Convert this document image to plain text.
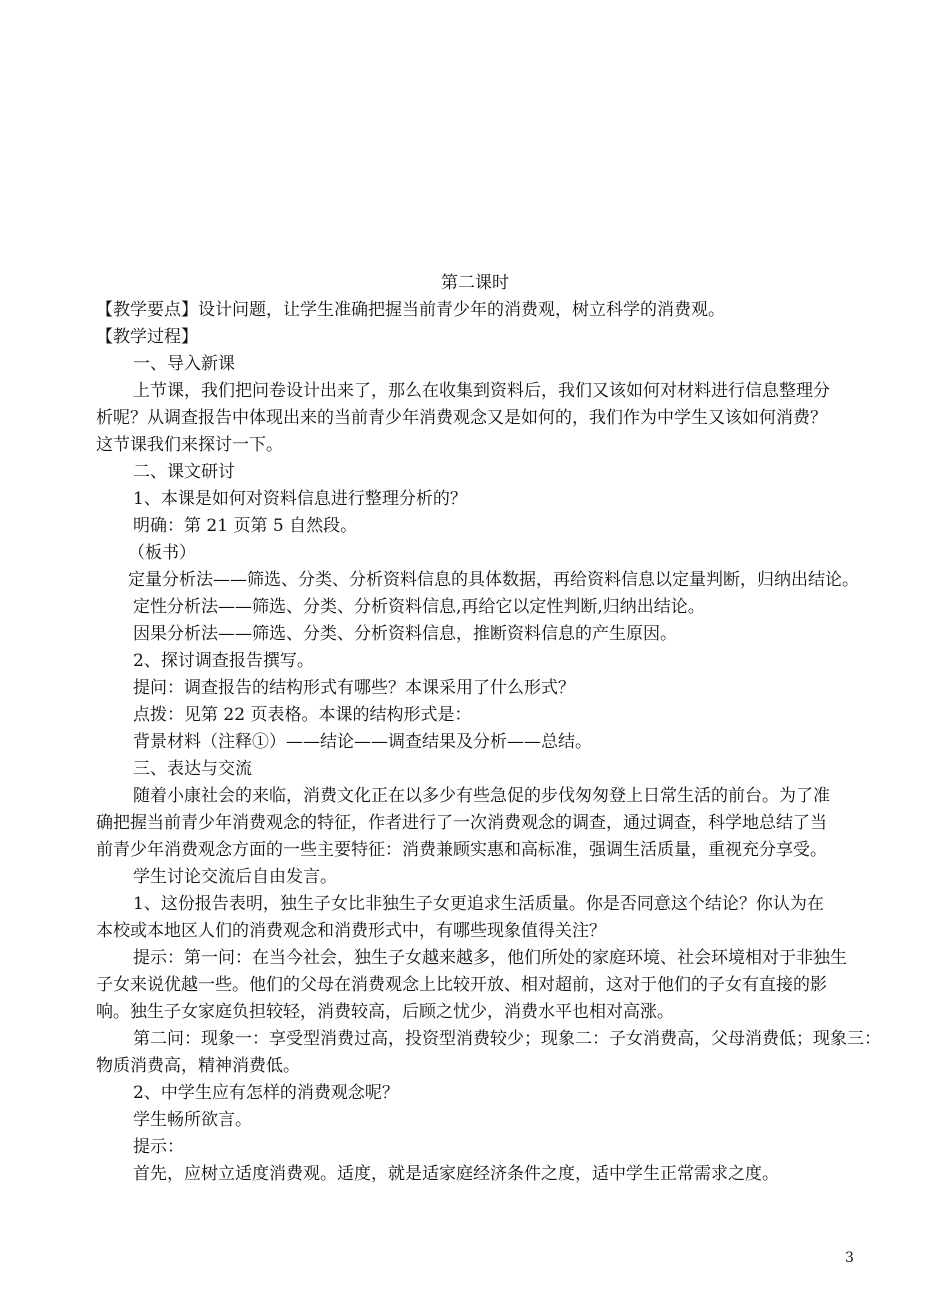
第二课时
【教学要点】设计问题，让学生准确把握当前青少年的消费观，树立科学的消费观。
【教学过程】
一、导入新课
上节课，我们把问卷设计出来了，那么在收集到资料后，我们又该如何对材料进行信息整理分
析呢？从调查报告中体现出来的当前青少年消费观念又是如何的，我们作为中学生又该如何消费？
这节课我们来探讨一下。
二、课文研讨
1、本课是如何对资料信息进行整理分析的？
明确：第 21 页第 5 自然段。
（板书）
定量分析法——筛选、分类、分析资料信息的具体数据，再给资料信息以定量判断，归纳出结论。
定性分析法——筛选、分类、分析资料信息,再给它以定性判断,归纳出结论。
因果分析法——筛选、分类、分析资料信息，推断资料信息的产生原因。
2、探讨调查报告撰写。
提问：调查报告的结构形式有哪些？本课采用了什么形式？
点拨：见第 22 页表格。本课的结构形式是：
背景材料（注释①）——结论——调查结果及分析——总结。
三、表达与交流
随着小康社会的来临，消费文化正在以多少有些急促的步伐匆匆登上日常生活的前台。为了准
确把握当前青少年消费观念的特征，作者进行了一次消费观念的调查，通过调查，科学地总结了当
前青少年消费观念方面的一些主要特征：消费兼顾实惠和高标准，强调生活质量，重视充分享受。
学生讨论交流后自由发言。
1、这份报告表明，独生子女比非独生子女更追求生活质量。你是否同意这个结论？你认为在
本校或本地区人们的消费观念和消费形式中，有哪些现象值得关注？
提示：第一问：在当今社会，独生子女越来越多，他们所处的家庭环境、社会环境相对于非独生
子女来说优越一些。他们的父母在消费观念上比较开放、相对超前，这对于他们的子女有直接的影
响。独生子女家庭负担较轻，消费较高，后顾之忧少，消费水平也相对高涨。
第二问：现象一：享受型消费过高，投资型消费较少；现象二：子女消费高，父母消费低；现象三：
物质消费高，精神消费低。
2、中学生应有怎样的消费观念呢？
学生畅所欲言。
提示：
首先，应树立适度消费观。适度，就是适家庭经济条件之度，适中学生正常需求之度。
3
